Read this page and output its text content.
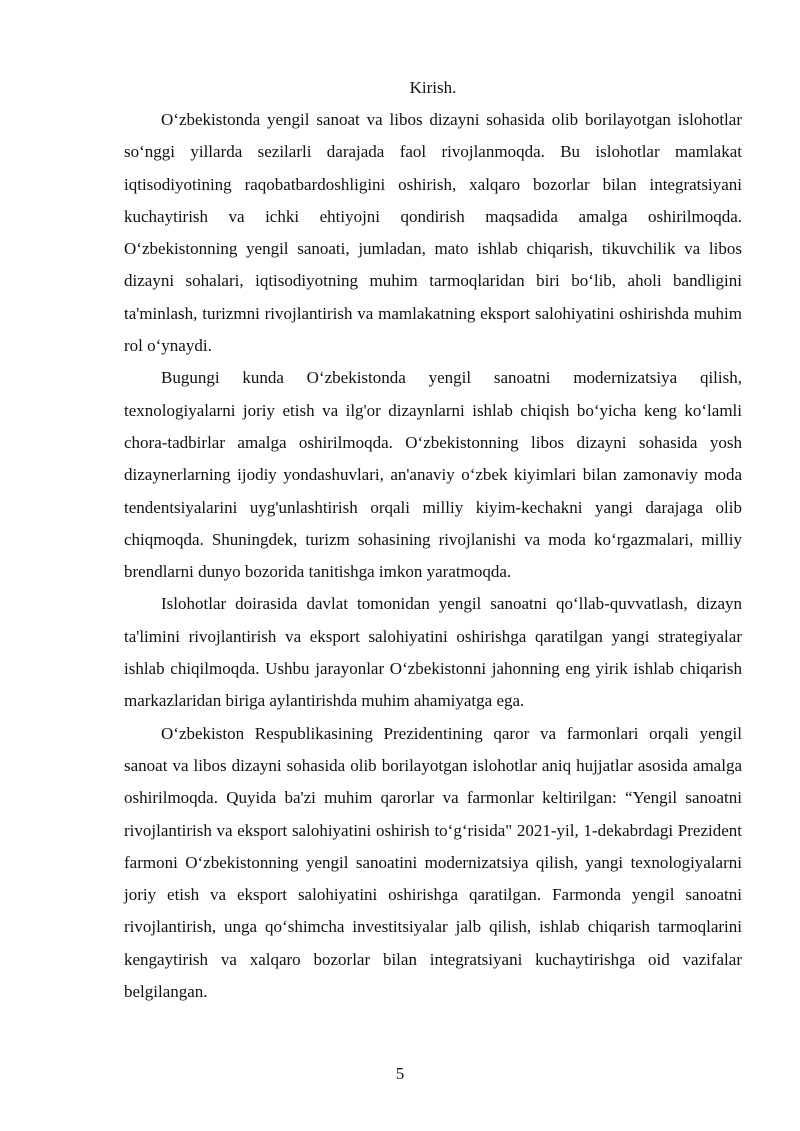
Kirish.

O‘zbekistonda yengil sanoat va libos dizayni sohasida olib borilayotgan islohotlar so‘nggi yillarda sezilarli darajada faol rivojlanmoqda. Bu islohotlar mamlakat iqtisodiyotining raqobatbardoshligini oshirish, xalqaro bozorlar bilan integratsiyani kuchaytirish va ichki ehtiyojni qondirish maqsadida amalga oshirilmoqda. O‘zbekistonning yengil sanoati, jumladan, mato ishlab chiqarish, tikuvchilik va libos dizayni sohalari, iqtisodiyotning muhim tarmoqlaridan biri bo‘lib, aholi bandligini ta'minlash, turizmni rivojlantirish va mamlakatning eksport salohiyatini oshirishda muhim rol o‘ynaydi.

Bugungi kunda O‘zbekistonda yengil sanoatni modernizatsiya qilish, texnologiyalarni joriy etish va ilg'or dizaynlarni ishlab chiqish bo‘yicha keng ko‘lamli chora-tadbirlar amalga oshirilmoqda. O‘zbekistonning libos dizayni sohasida yosh dizaynerlarning ijodiy yondashuvlari, an'anaviy o‘zbek kiyimlari bilan zamonaviy moda tendentsiyalarini uyg'unlashtirish orqali milliy kiyim-kechakni yangi darajaga olib chiqmoqda. Shuningdek, turizm sohasining rivojlanishi va moda ko‘rgazmalari, milliy brendlarni dunyo bozorida tanitishga imkon yaratmoqda.

Islohotlar doirasida davlat tomonidan yengil sanoatni qo‘llab-quvvatlash, dizayn ta'limini rivojlantirish va eksport salohiyatini oshirishga qaratilgan yangi strategiyalar ishlab chiqilmoqda. Ushbu jarayonlar O‘zbekistonni jahonning eng yirik ishlab chiqarish markazlaridan biriga aylantirishda muhim ahamiyatga ega.

O‘zbekiston Respublikasining Prezidentining qaror va farmonlari orqali yengil sanoat va libos dizayni sohasida olib borilayotgan islohotlar aniq hujjatlar asosida amalga oshirilmoqda. Quyida ba'zi muhim qarorlar va farmonlar keltirilgan: “Yengil sanoatni rivojlantirish va eksport salohiyatini oshirish to‘g‘risida" 2021-yil, 1-dekabrdagi Prezident farmoni O‘zbekistonning yengil sanoatini modernizatsiya qilish, yangi texnologiyalarni joriy etish va eksport salohiyatini oshirishga qaratilgan. Farmonda yengil sanoatni rivojlantirish, unga qo‘shimcha investitsiyalar jalb qilish, ishlab chiqarish tarmoqlarini kengaytirish va xalqaro bozorlar bilan integratsiyani kuchaytirishga oid vazifalar belgilangan.

5
